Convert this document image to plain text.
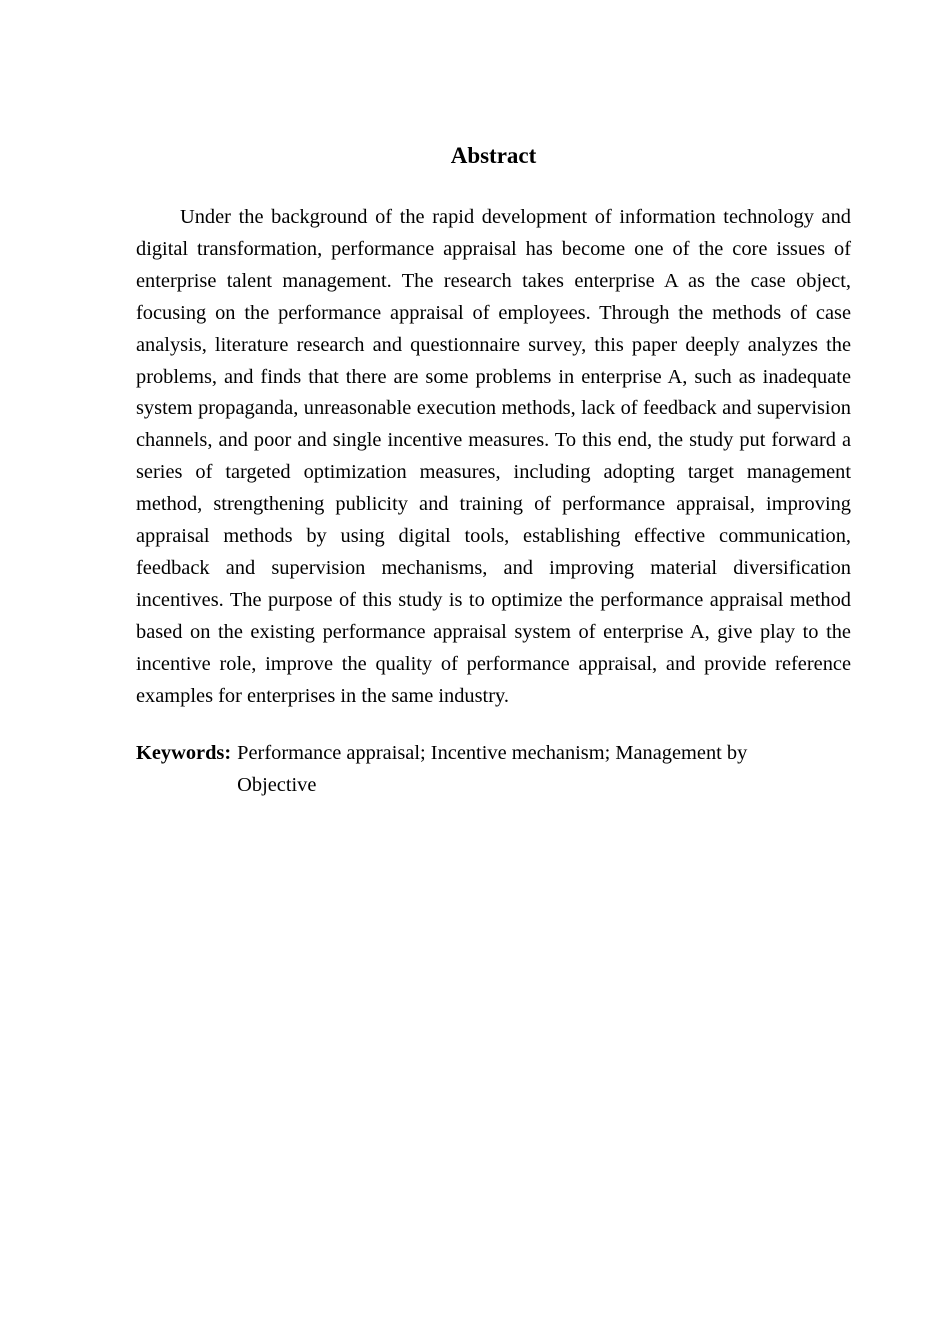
Abstract

Under the background of the rapid development of information technology and digital transformation, performance appraisal has become one of the core issues of enterprise talent management. The research takes enterprise A as the case object, focusing on the performance appraisal of employees. Through the methods of case analysis, literature research and questionnaire survey, this paper deeply analyzes the problems, and finds that there are some problems in enterprise A, such as inadequate system propaganda, unreasonable execution methods, lack of feedback and supervision channels, and poor and single incentive measures. To this end, the study put forward a series of targeted optimization measures, including adopting target management method, strengthening publicity and training of performance appraisal, improving appraisal methods by using digital tools, establishing effective communication, feedback and supervision mechanisms, and improving material diversification incentives. The purpose of this study is to optimize the performance appraisal method based on the existing performance appraisal system of enterprise A, give play to the incentive role, improve the quality of performance appraisal, and provide reference examples for enterprises in the same industry.

Keywords: Performance appraisal; Incentive mechanism; Management by Objective
